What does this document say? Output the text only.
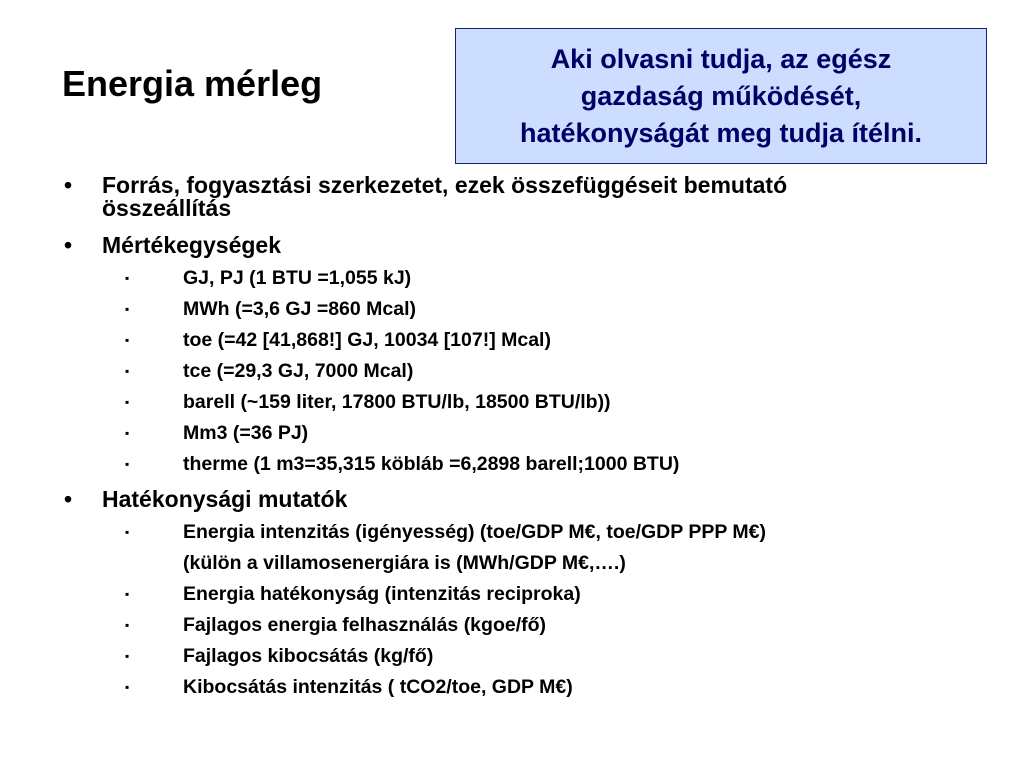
Energia mérleg
Aki olvasni tudja, az egész
gazdaság működését,
hatékonyságát meg tudja ítélni.
• Forrás, fogyasztási szerkezetet, ezek összefüggéseit bemutató
összeállítás
• Mértékegységek
▪	GJ, PJ (1 BTU =1,055 kJ)
▪	MWh (=3,6 GJ =860 Mcal)
▪	toe (=42 [41,868!] GJ, 10034 [107!] Mcal)
▪	tce (=29,3 GJ, 7000 Mcal)
▪	barell (~159 liter, 17800 BTU/lb, 18500 BTU/lb))
▪	Mm3 (=36 PJ)
▪	therme (1 m3=35,315 köbláb =6,2898 barell;1000 BTU)
• Hatékonysági mutatók
▪	Energia intenzitás (igényesség) (toe/GDP M€, toe/GDP PPP M€)
(külön a villamosenergiára is (MWh/GDP M€,….)
▪	Energia hatékonyság (intenzitás reciproka)
▪	Fajlagos energia felhasználás (kgoe/fő)
▪	Fajlagos kibocsátás (kg/fő)
▪	Kibocsátás intenzitás ( tCO2/toe, GDP M€)
